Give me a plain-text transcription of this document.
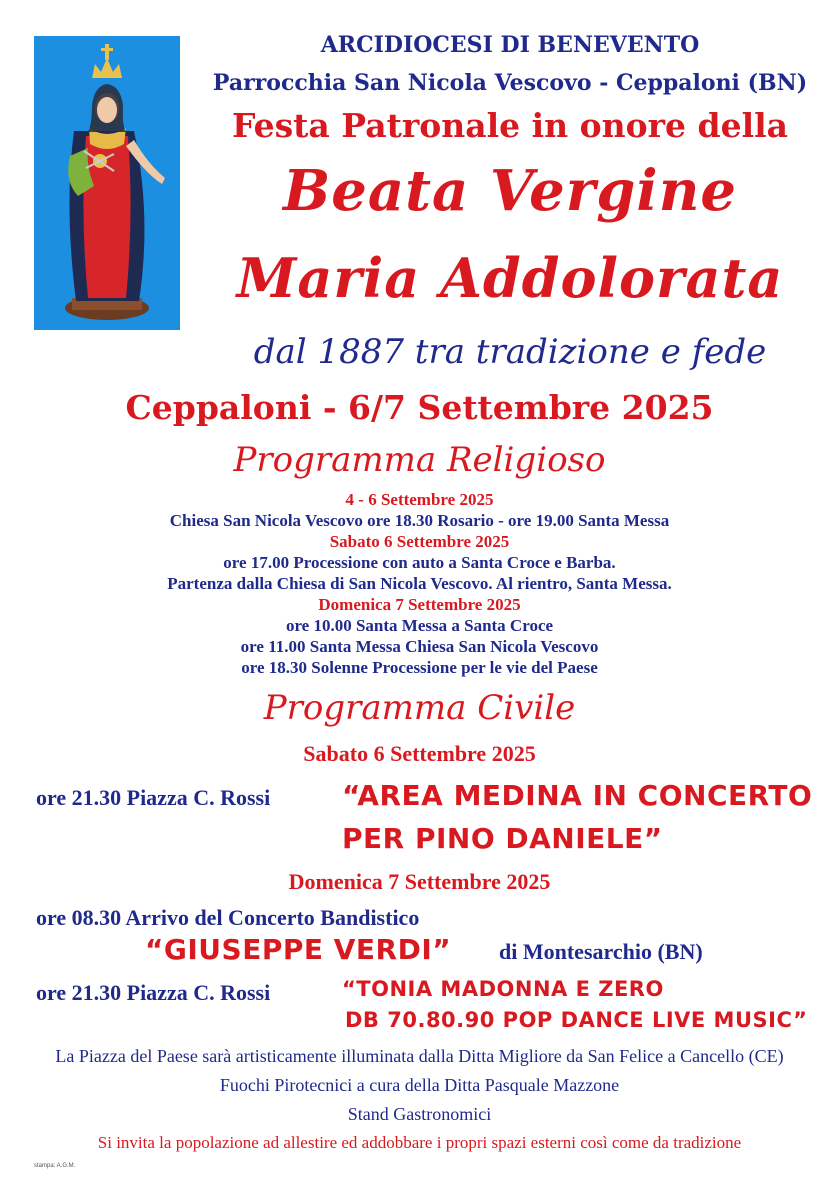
ARCIDIOCESI DI BENEVENTO
Parrocchia San Nicola Vescovo - Ceppaloni (BN)
Festa Patronale in onore della
Beata Vergine
Maria Addolorata
dal 1887 tra tradizione e fede
Ceppaloni - 6/7 Settembre 2025
Programma Religioso
4 - 6 Settembre 2025
Chiesa San Nicola Vescovo ore 18.30 Rosario - ore 19.00 Santa Messa
Sabato 6 Settembre 2025
ore 17.00 Processione con auto a Santa Croce e Barba.
Partenza dalla Chiesa di San Nicola Vescovo. Al rientro, Santa Messa.
Domenica 7 Settembre 2025
ore 10.00 Santa Messa a Santa Croce
ore 11.00 Santa Messa Chiesa San Nicola Vescovo
ore 18.30 Solenne Processione per le vie del Paese
Programma Civile
Sabato 6 Settembre 2025
ore 21.30 Piazza C. Rossi	“AREA MEDINA IN CONCERTO
PER PINO DANIELE”
Domenica 7 Settembre 2025
ore 08.30 Arrivo del Concerto Bandistico
“GIUSEPPE VERDI” di Montesarchio (BN)
ore 21.30 Piazza C. Rossi	“TONIA MADONNA E ZERO
DB 70.80.90 POP DANCE LIVE MUSIC”
La Piazza del Paese sarà artisticamente illuminata dalla Ditta Migliore da San Felice a Cancello (CE)
Fuochi Pirotecnici a cura della Ditta Pasquale Mazzone
Stand Gastronomici
Si invita la popolazione ad allestire ed addobbare i propri spazi esterni così come da tradizione
stampa: A.G.M.
